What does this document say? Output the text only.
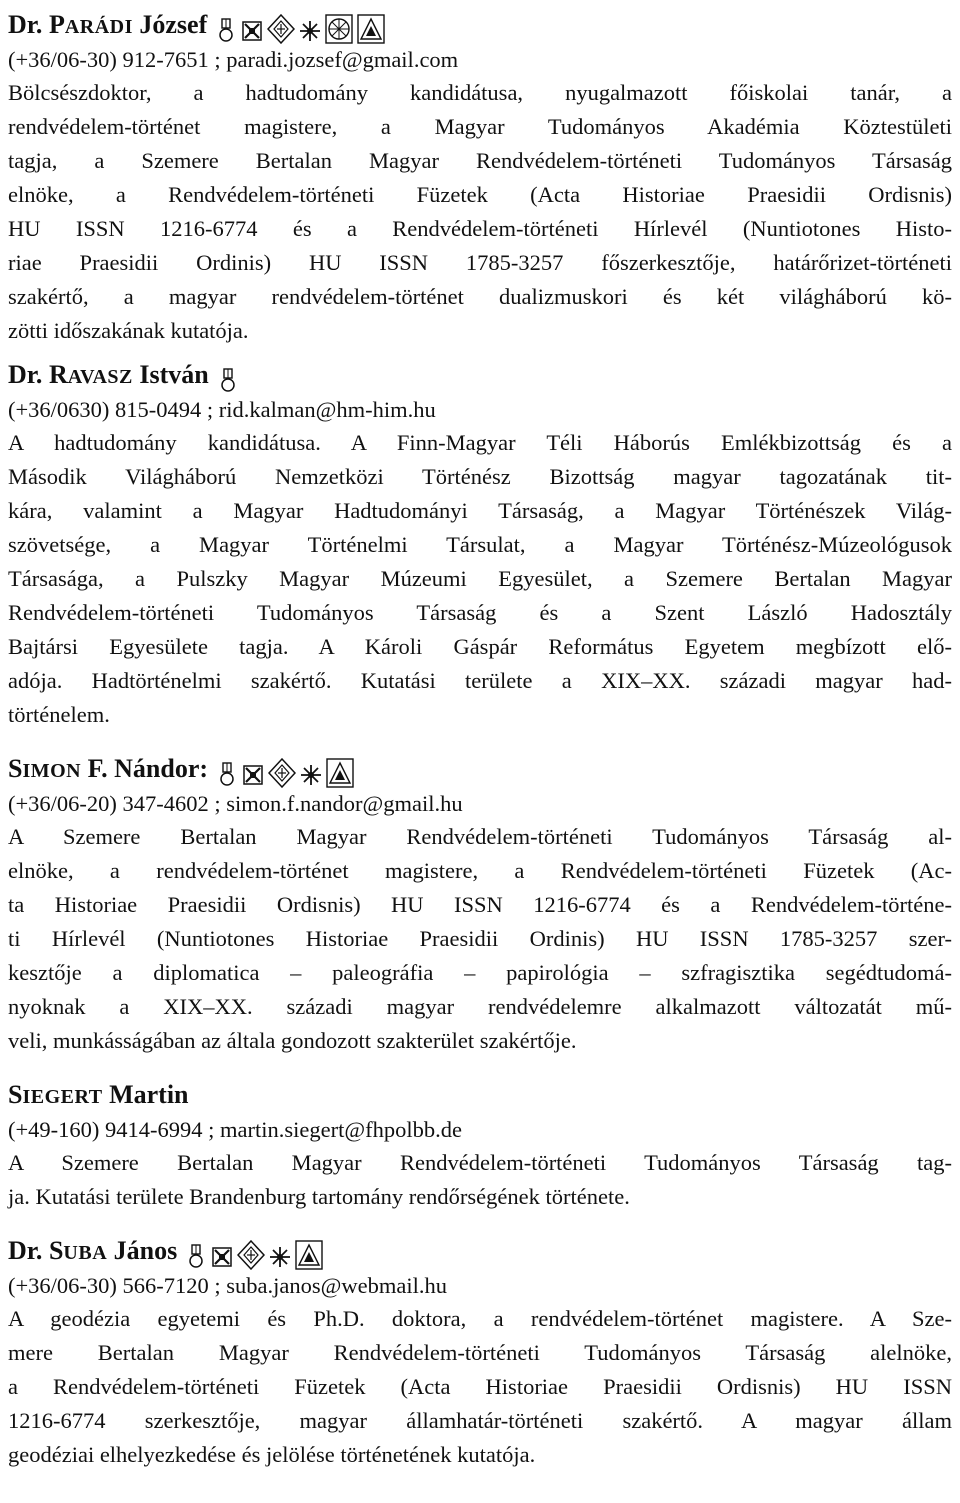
Dr. PARÁDI József
(+36/06-30) 912-7651 ; paradi.jozsef@gmail.com
Bölcsészdoktor, a hadtudomány kandidátusa, nyugalmazott főiskolai tanár, a
rendvédelem-történet magistere, a Magyar Tudományos Akadémia Köztestületi
tagja, a Szemere Bertalan Magyar Rendvédelem-történeti Tudományos Társaság
elnöke, a Rendvédelem-történeti Füzetek (Acta Historiae Praesidii Ordisnis)
HU ISSN 1216-6774 és a Rendvédelem-történeti Hírlevél (Nuntiotones Histo-
riae Praesidii Ordinis) HU ISSN 1785-3257 főszerkesztője, határőrizet-történeti
szakértő, a magyar rendvédelem-történet dualizmuskori és két világháború kö-
zötti időszakának kutatója.
Dr. RAVASZ István
(+36/0630) 815-0494 ; rid.kalman@hm-him.hu
A hadtudomány kandidátusa. A Finn-Magyar Téli Háborús Emlékbizottság és a
Második Világháború Nemzetközi Történész Bizottság magyar tagozatának tit-
kára, valamint a Magyar Hadtudományi Társaság, a Magyar Történészek Világ-
szövetsége, a Magyar Történelmi Társulat, a Magyar Történész-Múzeológusok
Társasága, a Pulszky Magyar Múzeumi Egyesület, a Szemere Bertalan Magyar
Rendvédelem-történeti Tudományos Társaság és a Szent László Hadosztály
Bajtársi Egyesülete tagja. A Károli Gáspár Református Egyetem megbízott elő-
adója. Hadtörténelmi szakértő. Kutatási területe a XIX–XX. századi magyar had-
történelem.
SIMON F. Nándor:
(+36/06-20) 347-4602 ; simon.f.nandor@gmail.hu
A Szemere Bertalan Magyar Rendvédelem-történeti Tudományos Társaság al-
elnöke, a rendvédelem-történet magistere, a Rendvédelem-történeti Füzetek (Ac-
ta Historiae Praesidii Ordisnis) HU ISSN 1216-6774 és a Rendvédelem-történe-
ti Hírlevél (Nuntiotones Historiae Praesidii Ordinis) HU ISSN 1785-3257 szer-
kesztője a diplomatica – paleográfia – papirológia – szfragisztika segédtudomá-
nyoknak a XIX–XX. századi magyar rendvédelemre alkalmazott változatát mű-
veli, munkásságában az általa gondozott szakterület szakértője.
SIEGERT Martin
(+49-160) 9414-6994 ; martin.siegert@fhpolbb.de
A Szemere Bertalan Magyar Rendvédelem-történeti Tudományos Társaság tag-
ja. Kutatási területe Brandenburg tartomány rendőrségének története.
Dr. SUBA János
(+36/06-30) 566-7120 ; suba.janos@webmail.hu
A geodézia egyetemi és Ph.D. doktora, a rendvédelem-történet magistere. A Sze-
mere Bertalan Magyar Rendvédelem-történeti Tudományos Társaság alelnöke,
a Rendvédelem-történeti Füzetek (Acta Historiae Praesidii Ordisnis) HU ISSN
1216-6774 szerkesztője, magyar államhatár-történeti szakértő. A magyar állam
geodéziai elhelyezkedése és jelölése történetének kutatója.
